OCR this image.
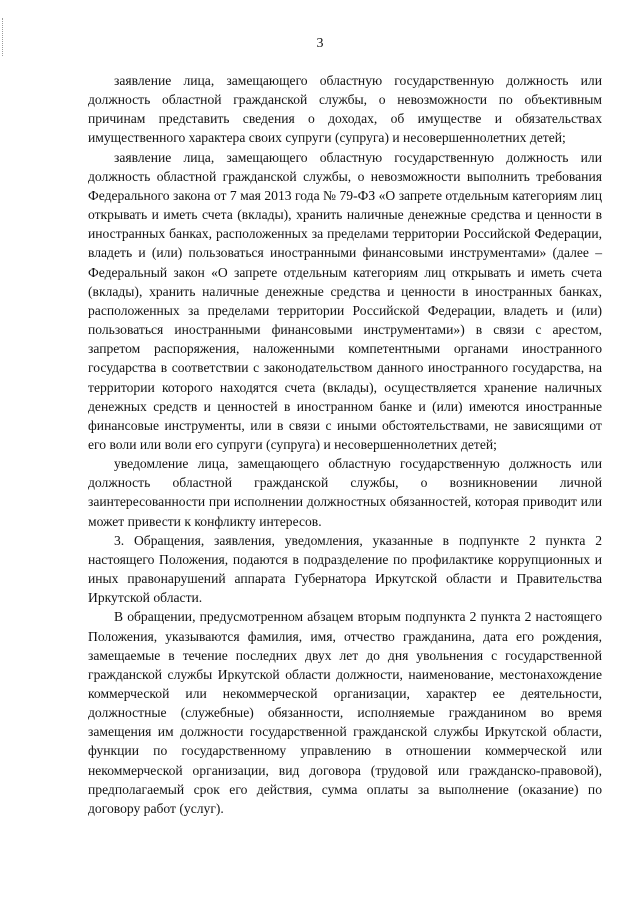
3

заявление лица, замещающего областную государственную должность или должность областной гражданской службы, о невозможности по объективным причинам представить сведения о доходах, об имуществе и обязательствах имущественного характера своих супруги (супруга) и несовершеннолетних детей;

заявление лица, замещающего областную государственную должность или должность областной гражданской службы, о невозможности выполнить требования Федерального закона от 7 мая 2013 года № 79-ФЗ «О запрете отдельным категориям лиц открывать и иметь счета (вклады), хранить наличные денежные средства и ценности в иностранных банках, расположенных за пределами территории Российской Федерации, владеть и (или) пользоваться иностранными финансовыми инструментами» (далее – Федеральный закон «О запрете отдельным категориям лиц открывать и иметь счета (вклады), хранить наличные денежные средства и ценности в иностранных банках, расположенных за пределами территории Российской Федерации, владеть и (или) пользоваться иностранными финансовыми инструментами») в связи с арестом, запретом распоряжения, наложенными компетентными органами иностранного государства в соответствии с законодательством данного иностранного государства, на территории которого находятся счета (вклады), осуществляется хранение наличных денежных средств и ценностей в иностранном банке и (или) имеются иностранные финансовые инструменты, или в связи с иными обстоятельствами, не зависящими от его воли или воли его супруги (супруга) и несовершеннолетних детей;

уведомление лица, замещающего областную государственную должность или должность областной гражданской службы, о возникновении личной заинтересованности при исполнении должностных обязанностей, которая приводит или может привести к конфликту интересов.

3. Обращения, заявления, уведомления, указанные в подпункте 2 пункта 2 настоящего Положения, подаются в подразделение по профилактике коррупционных и иных правонарушений аппарата Губернатора Иркутской области и Правительства Иркутской области.

В обращении, предусмотренном абзацем вторым подпункта 2 пункта 2 настоящего Положения, указываются фамилия, имя, отчество гражданина, дата его рождения, замещаемые в течение последних двух лет до дня увольнения с государственной гражданской службы Иркутской области должности, наименование, местонахождение коммерческой или некоммерческой организации, характер ее деятельности, должностные (служебные) обязанности, исполняемые гражданином во время замещения им должности государственной гражданской службы Иркутской области, функции по государственному управлению в отношении коммерческой или некоммерческой организации, вид договора (трудовой или гражданско-правовой), предполагаемый срок его действия, сумма оплаты за выполнение (оказание) по договору работ (услуг).
